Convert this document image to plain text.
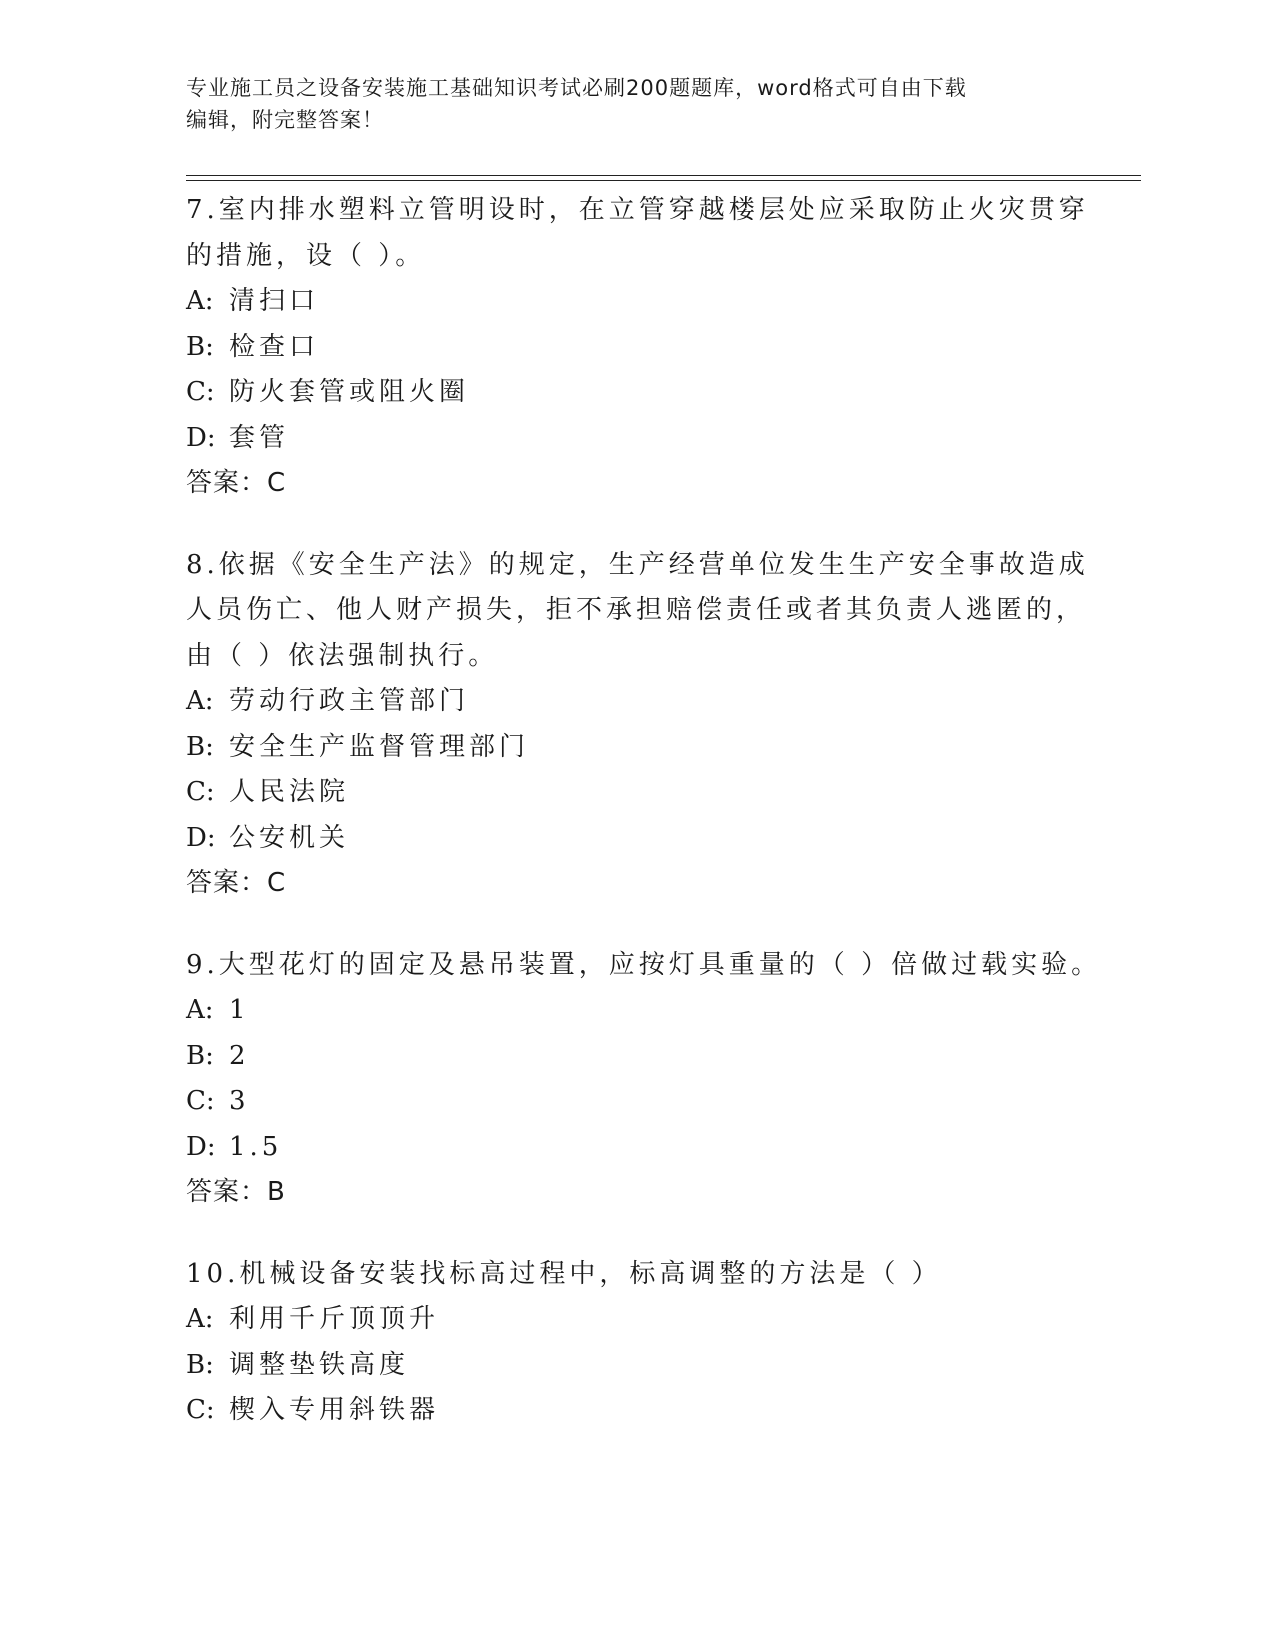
专业施工员之设备安装施工基础知识考试必刷200题题库，word格式可自由下载
编辑，附完整答案！
7.室内排水塑料立管明设时，在立管穿越楼层处应采取防止火灾贯穿
的措施，设（ ）。
A: 清扫口
B: 检查口
C: 防火套管或阻火圈
D: 套管
答案：C
8.依据《安全生产法》的规定，生产经营单位发生生产安全事故造成
人员伤亡、他人财产损失，拒不承担赔偿责任或者其负责人逃匿的，
由（ ）依法强制执行。
A: 劳动行政主管部门
B: 安全生产监督管理部门
C: 人民法院
D: 公安机关
答案：C
9.大型花灯的固定及悬吊装置，应按灯具重量的（ ）倍做过载实验。
A: 1
B: 2
C: 3
D: 1.5
答案：B
10.机械设备安装找标高过程中，标高调整的方法是（ ）
A: 利用千斤顶顶升
B: 调整垫铁高度
C: 楔入专用斜铁器
